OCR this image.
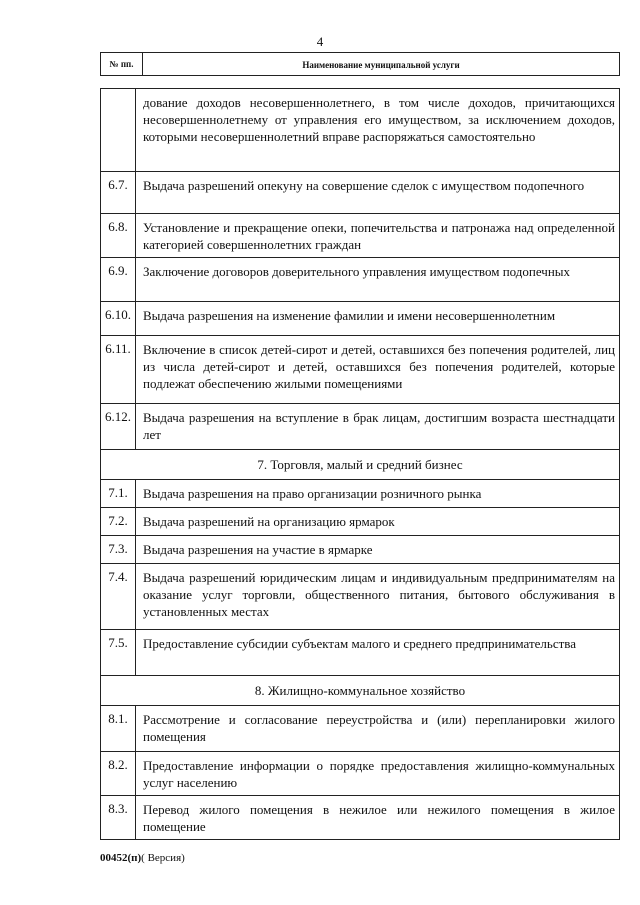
4
№ пп.	Наименование муниципальной услуги
дование доходов несовершеннолетнего, в том числе доходов, причитающихся несовершеннолетнему от управления его имуществом, за исключением доходов, которыми несовершеннолетний вправе распоряжаться самостоятельно
6.7.	Выдача разрешений опекуну на совершение сделок с имуществом подопечного
6.8.	Установление и прекращение опеки, попечительства и патронажа над определенной категорией совершеннолетних граждан
6.9.	Заключение договоров доверительного управления имуществом подопечных
6.10. Выдача разрешения на изменение фамилии и имени несовершеннолетним
6.11. Включение в список детей-сирот и детей, оставшихся без попечения родителей, лиц из числа детей-сирот и детей, оставшихся без попечения родителей, которые подлежат обеспечению жилыми помещениями
6.12. Выдача разрешения на вступление в брак лицам, достигшим возраста шестнадцати лет
7. Торговля, малый и средний бизнес
7.1.	Выдача разрешения на право организации розничного рынка
7.2.	Выдача разрешений на организацию ярмарок
7.3.	Выдача разрешения на участие в ярмарке
7.4.	Выдача разрешений юридическим лицам и индивидуальным предпринимателям на оказание услуг торговли, общественного питания, бытового обслуживания в установленных местах
7.5.	Предоставление субсидии субъектам малого и среднего предпринимательства
8. Жилищно-коммунальное хозяйство
8.1.	Рассмотрение и согласование переустройства и (или) перепланировки жилого помещения
8.2.	Предоставление информации о порядке предоставления жилищно-коммунальных услуг населению
8.3.	Перевод жилого помещения в нежилое или нежилого помещения в жилое помещение
00452(п)( Версия)
